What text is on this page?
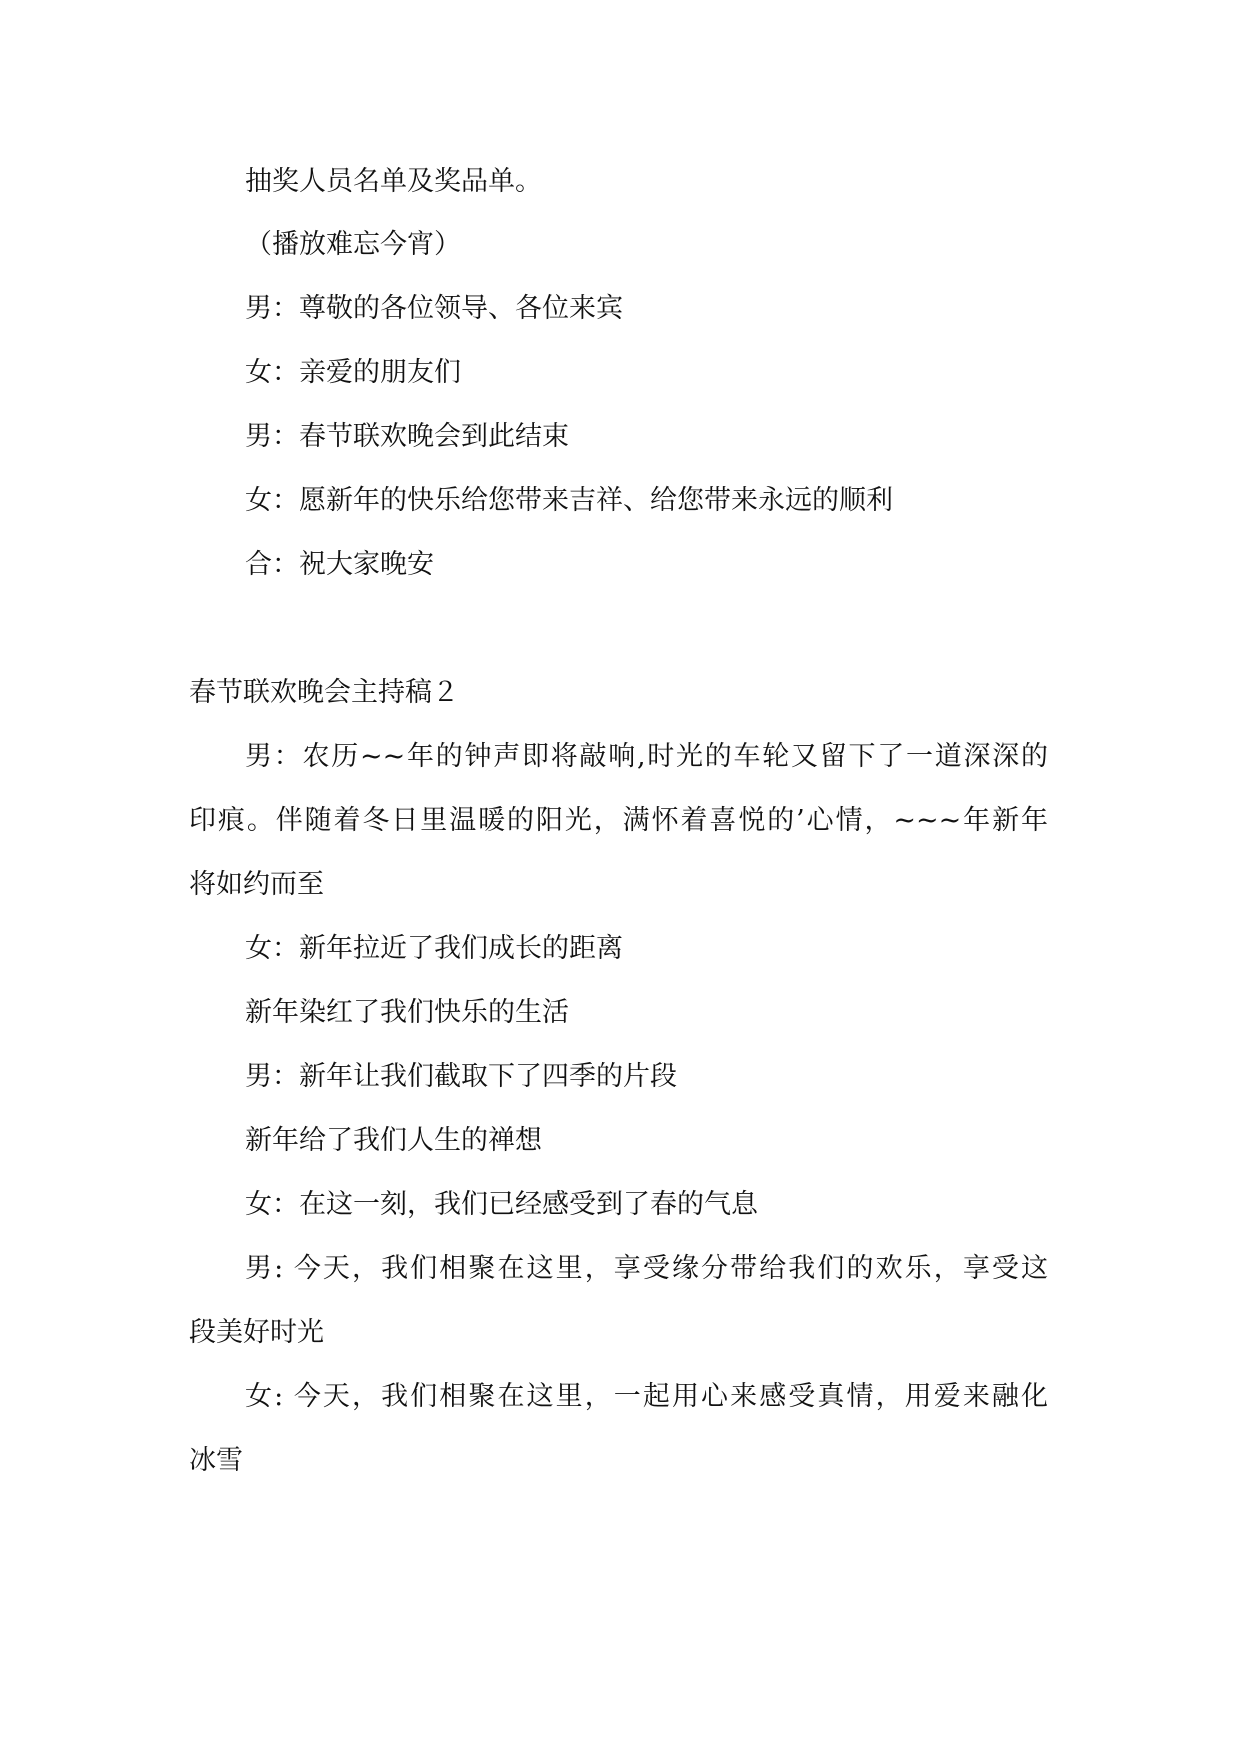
抽奖人员名单及奖品单。

（播放难忘今宵）

男：尊敬的各位领导、各位来宾

女：亲爱的朋友们

男：春节联欢晚会到此结束

女：愿新年的快乐给您带来吉祥、给您带来永远的顺利

合：祝大家晚安

春节联欢晚会主持稿２

男：农历~~年的钟声即将敲响,时光的车轮又留下了一道深深的

印痕。伴随着冬日里温暖的阳光，满怀着喜悦的’心情，~~~年新年

将如约而至

女：新年拉近了我们成长的距离

新年染红了我们快乐的生活

男：新年让我们截取下了四季的片段

新年给了我们人生的禅想

女：在这一刻，我们已经感受到了春的气息

男: 今天，我们相聚在这里，享受缘分带给我们的欢乐，享受这

段美好时光

女: 今天，我们相聚在这里，一起用心来感受真情，用爱来融化

冰雪
